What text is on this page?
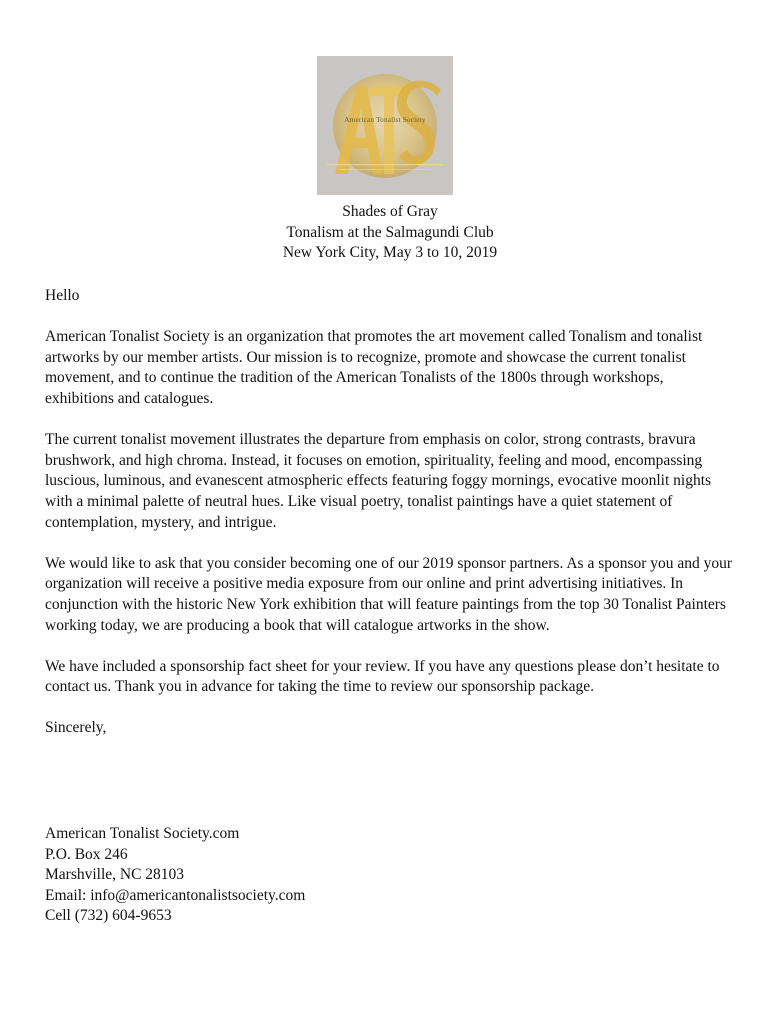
American Tonalist Society
Shades of Gray
Tonalism at the Salmagundi Club
New York City, May 3 to 10, 2019

Hello

American Tonalist Society is an organization that promotes the art movement called Tonalism and tonalist artworks by our member artists. Our mission is to recognize, promote and showcase the current tonalist movement, and to continue the tradition of the American Tonalists of the 1800s through workshops, exhibitions and catalogues.

The current tonalist movement illustrates the departure from emphasis on color, strong contrasts, bravura brushwork, and high chroma. Instead, it focuses on emotion, spirituality, feeling and mood, encompassing luscious, luminous, and evanescent atmospheric effects featuring foggy mornings, evocative moonlit nights with a minimal palette of neutral hues. Like visual poetry, tonalist paintings have a quiet statement of contemplation, mystery, and intrigue.

We would like to ask that you consider becoming one of our 2019 sponsor partners. As a sponsor you and your organization will receive a positive media exposure from our online and print advertising initiatives. In conjunction with the historic New York exhibition that will feature paintings from the top 30 Tonalist Painters working today, we are producing a book that will catalogue artworks in the show.

We have included a sponsorship fact sheet for your review. If you have any questions please don’t hesitate to contact us. Thank you in advance for taking the time to review our sponsorship package.

Sincerely,

American Tonalist Society.com
P.O. Box 246
Marshville, NC 28103
Email: info@americantonalistsociety.com
Cell (732) 604-9653
